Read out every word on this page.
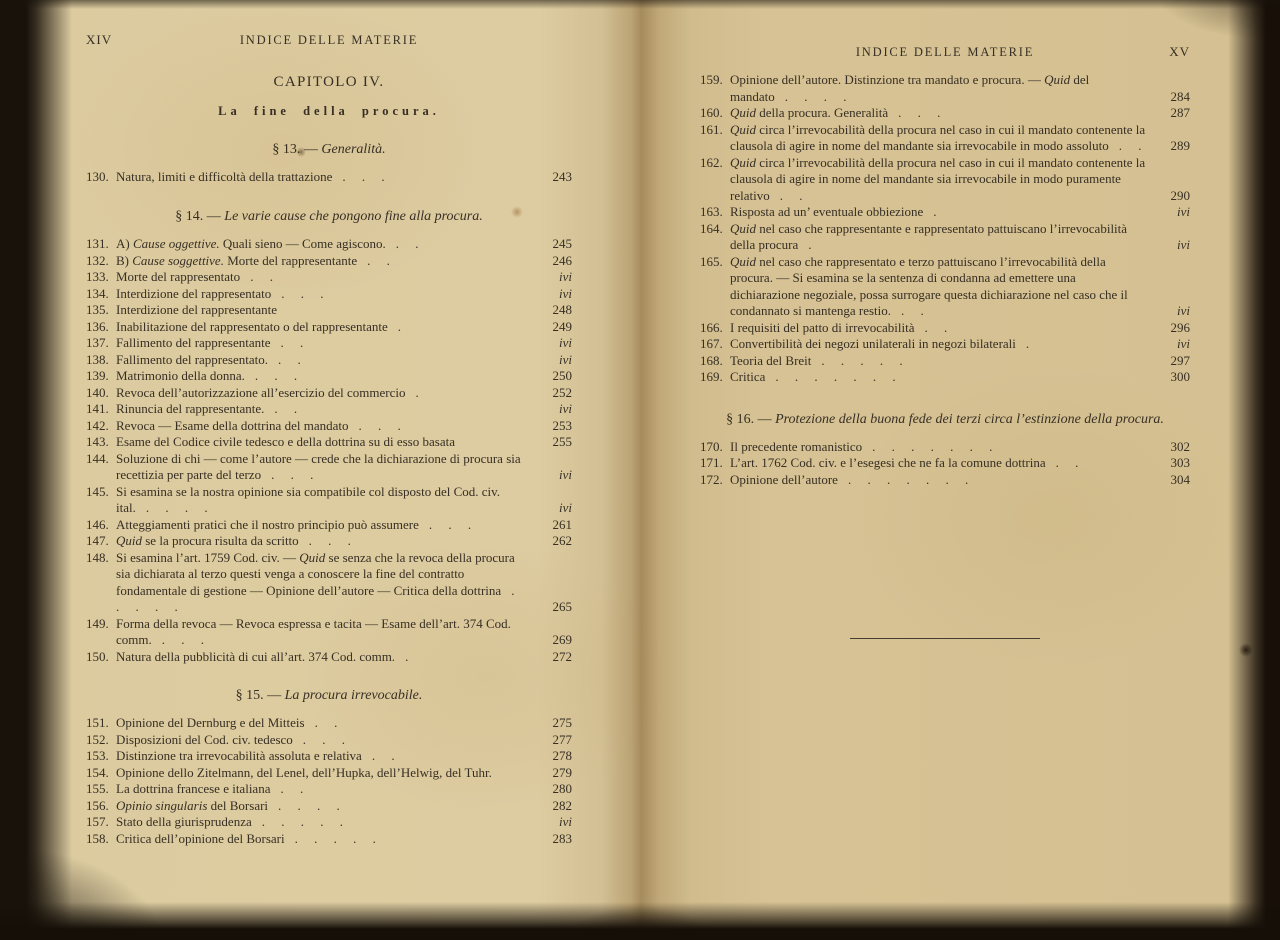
XIV	INDICE DELLE MATERIE
CAPITOLO IV.
La fine della procura.
§ 13. — Generalità.
130. Natura, limiti e difficoltà della trattazione . . .	243
§ 14. — Le varie cause che pongono fine alla procura.
131. A) Cause oggettive. Quali sieno — Come agiscono. . .	245
132. B) Cause soggettive. Morte del rappresentante . .	246
133. Morte del rappresentato . .	ivi
134. Interdizione del rappresentato . . .	ivi
135. Interdizione del rappresentante	248
136. Inabilitazione del rappresentato o del rappresentante .	249
137. Fallimento del rappresentante . .	ivi
138. Fallimento del rappresentato. . .	ivi
139. Matrimonio della donna. . . .	250
140. Revoca dell’autorizzazione all’esercizio del commercio .	252
141. Rinuncia del rappresentante. . .	ivi
142. Revoca — Esame della dottrina del mandato . . .	253
143. Esame del Codice civile tedesco e della dottrina su di esso basata	255
144. Soluzione di chi — come l’autore — crede che la dichiarazione di procura sia recettizia per parte del terzo . . .	ivi
145. Si esamina se la nostra opinione sia compatibile col disposto del Cod. civ. ital. . . . .	ivi
146. Atteggiamenti pratici che il nostro principio può assumere . . .	261
147. Quid se la procura risulta da scritto . . .	262
148. Si esamina l’art. 1759 Cod. civ. — Quid se senza che la revoca della procura sia dichiarata al terzo questi venga a conoscere la fine del contratto fondamentale di gestione — Opinione dell’autore — Critica della dottrina . . . . .	265
149. Forma della revoca — Revoca espressa e tacita — Esame dell’art. 374 Cod. comm. . . .	269
150. Natura della pubblicità di cui all’art. 374 Cod. comm. .	272
§ 15. — La procura irrevocabile.
151. Opinione del Dernburg e del Mitteis . .	275
152. Disposizioni del Cod. civ. tedesco . . .	277
153. Distinzione tra irrevocabilità assoluta e relativa . .	278
154. Opinione dello Zitelmann, del Lenel, dell’Hupka, dell’Helwig, del Tuhr.	279
155. La dottrina francese e italiana . .	280
156. Opinio singularis del Borsari . . . .	282
157. Stato della giurisprudenza . . . . .	ivi
158. Critica dell’opinione del Borsari . . . . .	283
INDICE DELLE MATERIE	XV
159. Opinione dell’autore. Distinzione tra mandato e procura. — Quid del mandato . . . .	284
160. Quid della procura. Generalità . . .	287
161. Quid circa l’irrevocabilità della procura nel caso in cui il mandato contenente la clausola di agire in nome del mandante sia irrevocabile in modo assoluto . .	289
162. Quid circa l’irrevocabilità della procura nel caso in cui il mandato contenente la clausola di agire in nome del mandante sia irrevocabile in modo puramente relativo . .	290
163. Risposta ad un’ eventuale obbiezione .	ivi
164. Quid nel caso che rappresentante e rappresentato pattuiscano l’irrevocabilità della procura .	ivi
165. Quid nel caso che rappresentato e terzo pattuiscano l’irrevocabilità della procura. — Si esamina se la sentenza di condanna ad emettere una dichiarazione negoziale, possa surrogare questa dichiarazione nel caso che il condannato si mantenga restio. . .	ivi
166. I requisiti del patto di irrevocabilità . .	296
167. Convertibilità dei negozi unilaterali in negozi bilaterali .	ivi
168. Teoria del Breit . . . . .	297
169. Critica . . . . . . .	300
§ 16. — Protezione della buona fede dei terzi circa l’estinzione della procura.
170. Il precedente romanistico . . . . . . .	302
171. L’art. 1762 Cod. civ. e l’esegesi che ne fa la comune dottrina . .	303
172. Opinione dell’autore . . . . . . .	304
